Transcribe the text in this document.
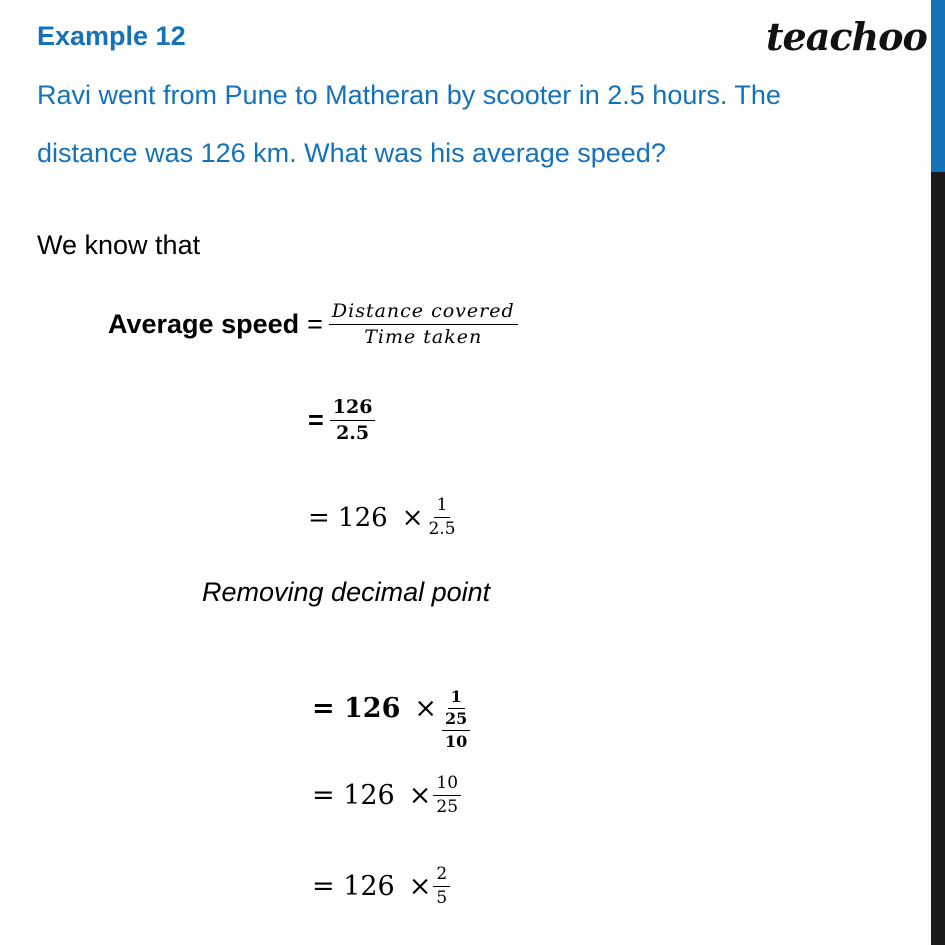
Example 12	teachoo
Ravi went from Pune to Matheran by scooter in 2.5 hours. The
distance was 126 km. What was his average speed?
We know that
Average speed = $\frac{\text{Distance covered}}{\text{Time taken}}$
= $\frac{126}{2.5}$
= $126 \times \frac{1}{2.5}$
Removing decimal point
= $126 \times \frac{1}{\frac{25}{10}}$
= $126 \times \frac{10}{25}$
= $126 \times \frac{2}{5}$
